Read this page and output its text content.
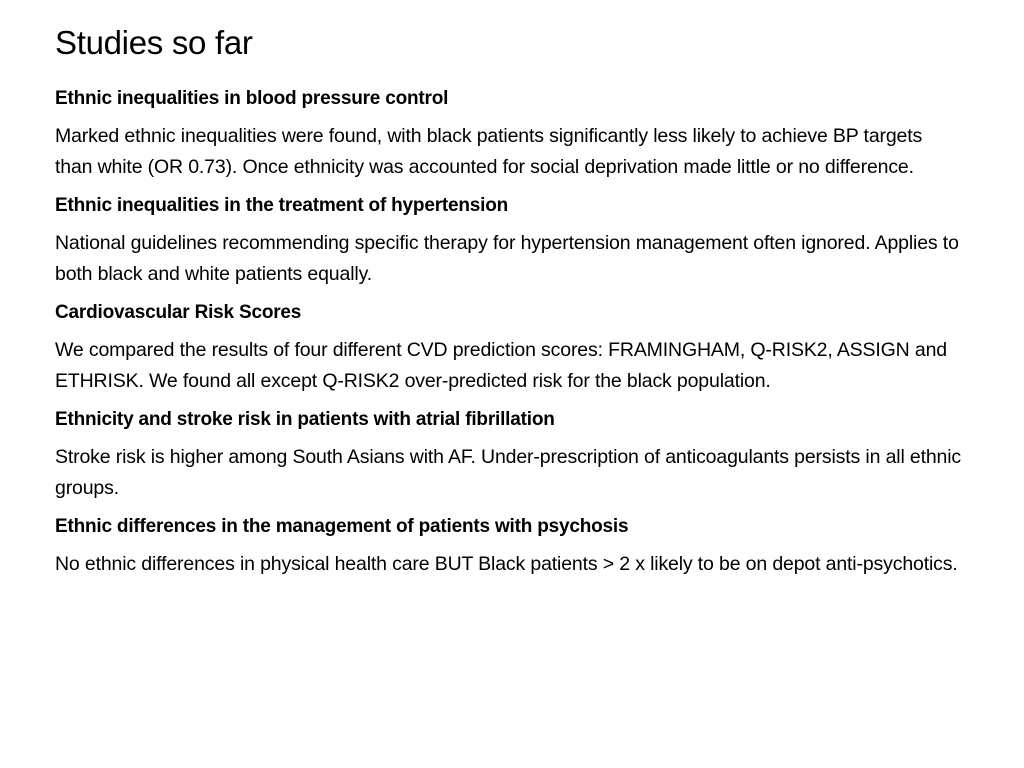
Studies so far
Ethnic inequalities in blood pressure control

Marked ethnic inequalities were found, with black patients significantly less likely to achieve BP targets than white (OR 0.73). Once ethnicity was accounted for social deprivation made little or no difference.

Ethnic inequalities in the treatment of hypertension

National guidelines recommending specific therapy for hypertension management often ignored. Applies to both black and white patients equally.

Cardiovascular Risk Scores

We compared the results of four different CVD prediction scores: FRAMINGHAM, Q-RISK2, ASSIGN and ETHRISK. We found all except Q-RISK2 over-predicted risk for the black population.

Ethnicity and stroke risk in patients with atrial fibrillation

Stroke risk is higher among South Asians with AF. Under-prescription of anticoagulants persists in all ethnic groups.

Ethnic differences in the management of patients with psychosis

No ethnic differences in physical health care BUT Black patients > 2 x likely to be on depot anti-psychotics.
